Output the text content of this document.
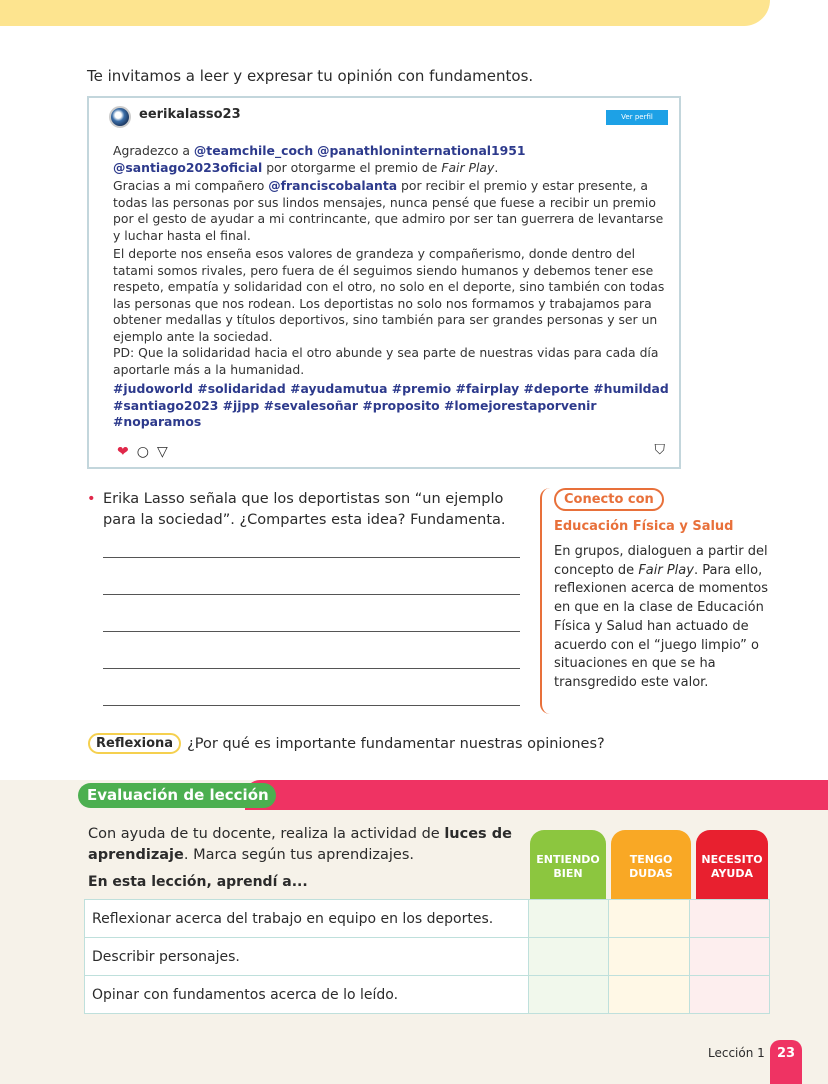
Te invitamos a leer y expresar tu opinión con fundamentos.
eerikalasso23	Ver perfil

Agradezco a @teamchile_coch @panathloninternational1951
@santiago2023oficial por otorgarme el premio de Fair Play.

Gracias a mi compañero @franciscobalanta por recibir el premio y estar presente, a todas las personas por sus lindos mensajes, nunca pensé que fuese a recibir un premio por el gesto de ayudar a mi contrincante, que admiro por ser tan guerrera de levantarse y luchar hasta el final.

El deporte nos enseña esos valores de grandeza y compañerismo, donde dentro del tatami somos rivales, pero fuera de él seguimos siendo humanos y debemos tener ese respeto, empatía y solidaridad con el otro, no solo en el deporte, sino también con todas las personas que nos rodean. Los deportistas no solo nos formamos y trabajamos para obtener medallas y títulos deportivos, sino también para ser grandes personas y ser un ejemplo ante la sociedad.

PD: Que la solidaridad hacia el otro abunde y sea parte de nuestras vidas para cada día aportarle más a la humanidad.

#judoworld #solidaridad #ayudamutua #premio #fairplay #deporte #humildad #santiago2023 #jjpp #sevalesoñar #proposito #lomejorestaporvenir #noparamos
❤ ○ ▽	⛉
• Erika Lasso señala que los deportistas son “un ejemplo para la sociedad”. ¿Compartes esta idea? Fundamenta.
Conecto con
Educación Física y Salud
En grupos, dialoguen a partir del concepto de Fair Play. Para ello, reflexionen acerca de momentos en que en la clase de Educación Física y Salud han actuado de acuerdo con el “juego limpio” o situaciones en que se ha transgredido este valor.
Reflexiona ¿Por qué es importante fundamentar nuestras opiniones?
Evaluación de lección
Con ayuda de tu docente, realiza la actividad de luces de aprendizaje. Marca según tus aprendizajes.
En esta lección, aprendí a...
ENTIENDO BIEN
TENGO DUDAS
NECESITO AYUDA
Reflexionar acerca del trabajo en equipo en los deportes.			
Describir personajes.			
Opinar con fundamentos acerca de lo leído.			
Lección 1 23
